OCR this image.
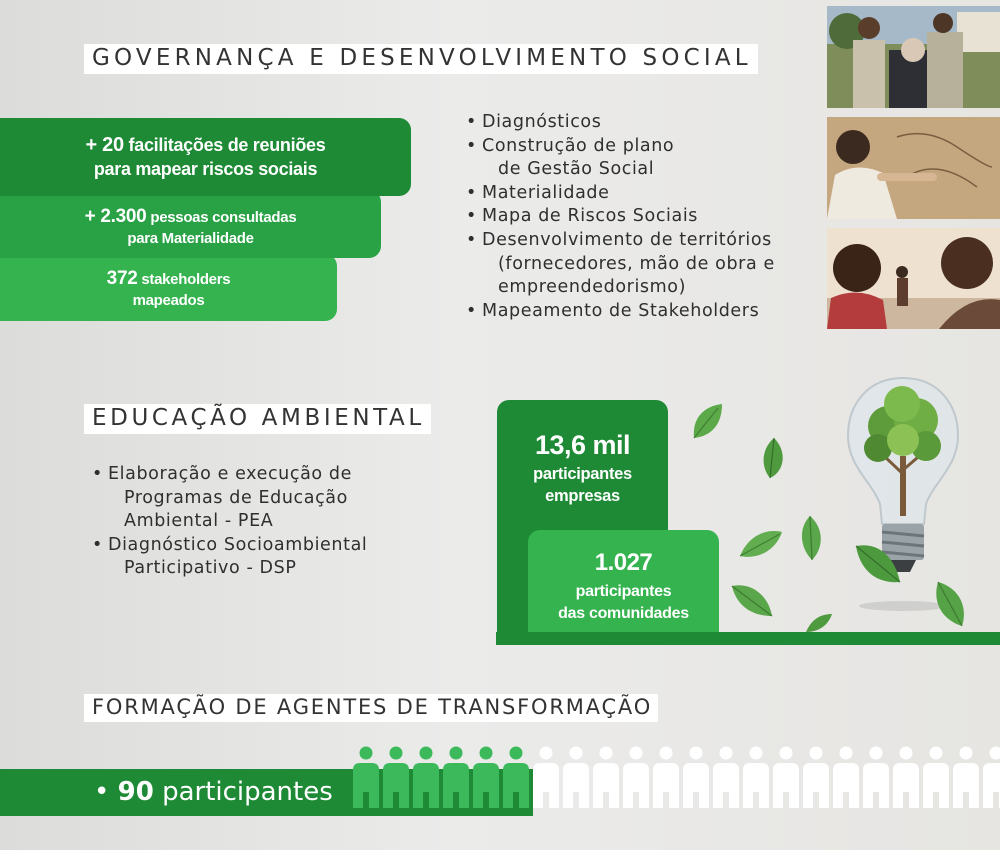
GOVERNANÇA E DESENVOLVIMENTO SOCIAL
+ 20 facilitações de reuniões
para mapear riscos sociais
+ 2.300 pessoas consultadas
para Materialidade
372 stakeholders
mapeados
• Diagnósticos
• Construção de plano
de Gestão Social
• Materialidade
• Mapa de Riscos Sociais
• Desenvolvimento de territórios
(fornecedores, mão de obra e
empreendedorismo)
• Mapeamento de Stakeholders
EDUCAÇÃO AMBIENTAL
• Elaboração e execução de
Programas de Educação
Ambiental - PEA
• Diagnóstico Socioambiental
Participativo - DSP
13,6 mil
participantes
empresas
1.027
participantes
das comunidades
FORMAÇÃO DE AGENTES DE TRANSFORMAÇÃO
• 90 participantes
